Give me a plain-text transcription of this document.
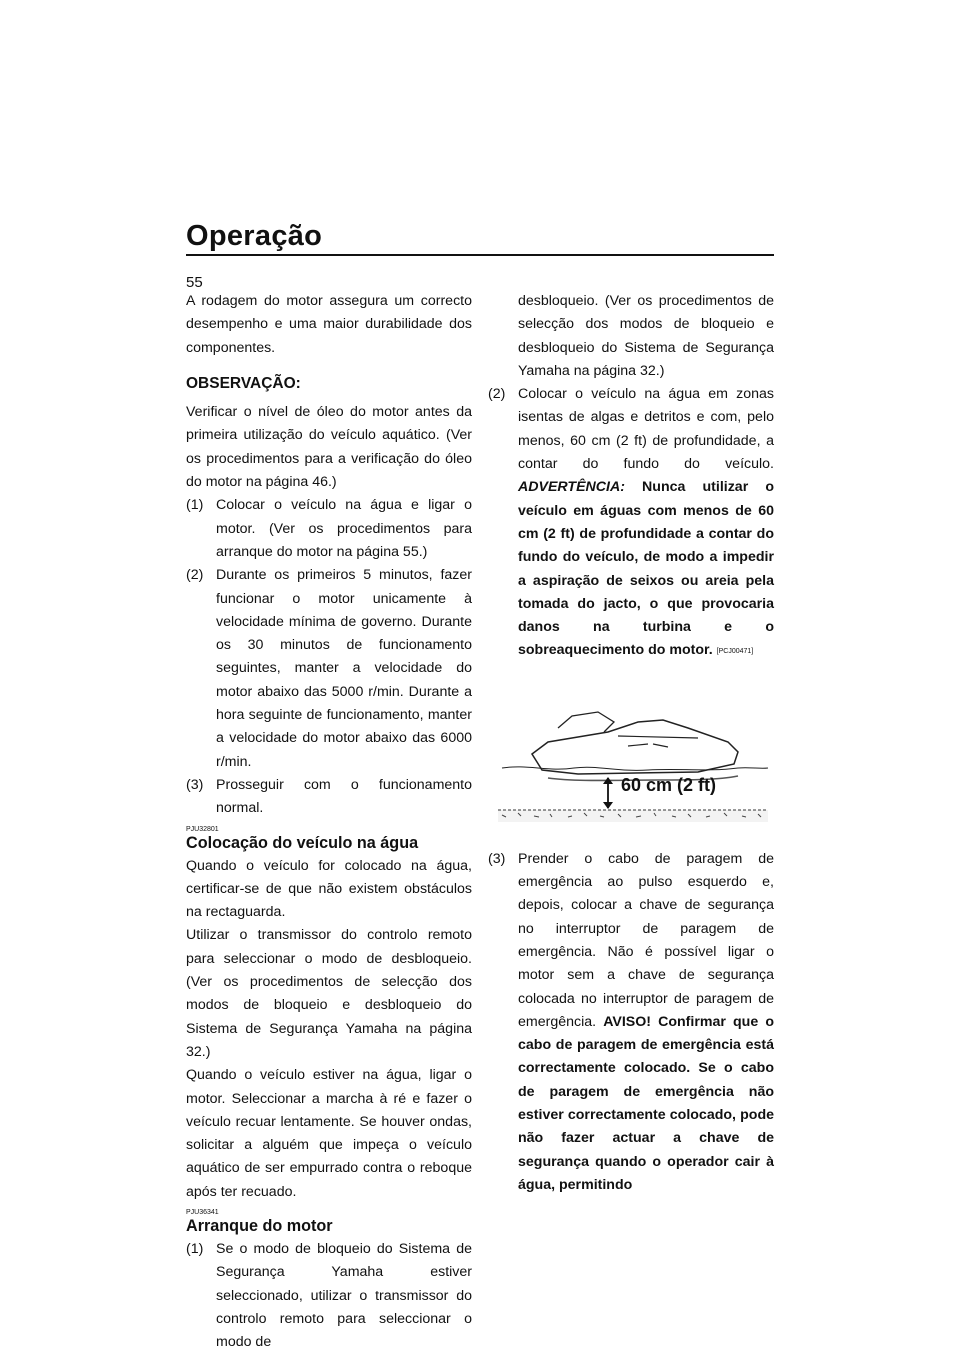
Operação
55

A rodagem do motor assegura um correcto desempenho e uma maior durabilidade dos componentes.

OBSERVAÇÃO:

Verificar o nível de óleo do motor antes da primeira utilização do veículo aquático. (Ver os procedimentos para a verificação do óleo do motor na página 46.)

(1) Colocar o veículo na água e ligar o motor. (Ver os procedimentos para arranque do motor na página 55.)
(2) Durante os primeiros 5 minutos, fazer funcionar o motor unicamente à velocidade mínima de governo. Durante os 30 minutos de funcionamento seguintes, manter a velocidade do motor abaixo das 5000 r/min. Durante a hora seguinte de funcionamento, manter a velocidade do motor abaixo das 6000 r/min.
(3) Prosseguir com o funcionamento normal.
PJU32801
Colocação do veículo na água

Quando o veículo for colocado na água, certificar-se de que não existem obstáculos na rectaguarda.

Utilizar o transmissor do controlo remoto para seleccionar o modo de desbloqueio. (Ver os procedimentos de selecção dos modos de bloqueio e desbloqueio do Sistema de Segurança Yamaha na página 32.)

Quando o veículo estiver na água, ligar o motor. Seleccionar a marcha à ré e fazer o veículo recuar lentamente. Se houver ondas, solicitar a alguém que impeça o veículo aquático de ser empurrado contra o reboque após ter recuado.

PJU36341
Arranque do motor
(1) Se o modo de bloqueio do Sistema de Segurança Yamaha estiver seleccionado, utilizar o transmissor do controlo remoto para seleccionar o modo de
desbloqueio. (Ver os procedimentos de selecção dos modos de bloqueio e desbloqueio do Sistema de Segurança Yamaha na página 32.)
(2) Colocar o veículo na água em zonas isentas de algas e detritos e com, pelo menos, 60 cm (2 ft) de profundidade, a contar do fundo do veículo. ADVERTÊNCIA: Nunca utilizar o veículo em águas com menos de 60 cm (2 ft) de profundidade a contar do fundo do veículo, de modo a impedir a aspiração de seixos ou areia pela tomada do jacto, o que provocaria danos na turbina e o sobreaquecimento do motor. [PCJ00471]
60 cm (2 ft)
(3) Prender o cabo de paragem de emergência ao pulso esquerdo e, depois, colocar a chave de segurança no interruptor de paragem de emergência. Não é possível ligar o motor sem a chave de segurança colocada no interruptor de paragem de emergência. AVISO! Confirmar que o cabo de paragem de emergência está correctamente colocado. Se o cabo de paragem de emergência não estiver correctamente colocado, pode não fazer actuar a chave de segurança quando o operador cair à água, permitindo
